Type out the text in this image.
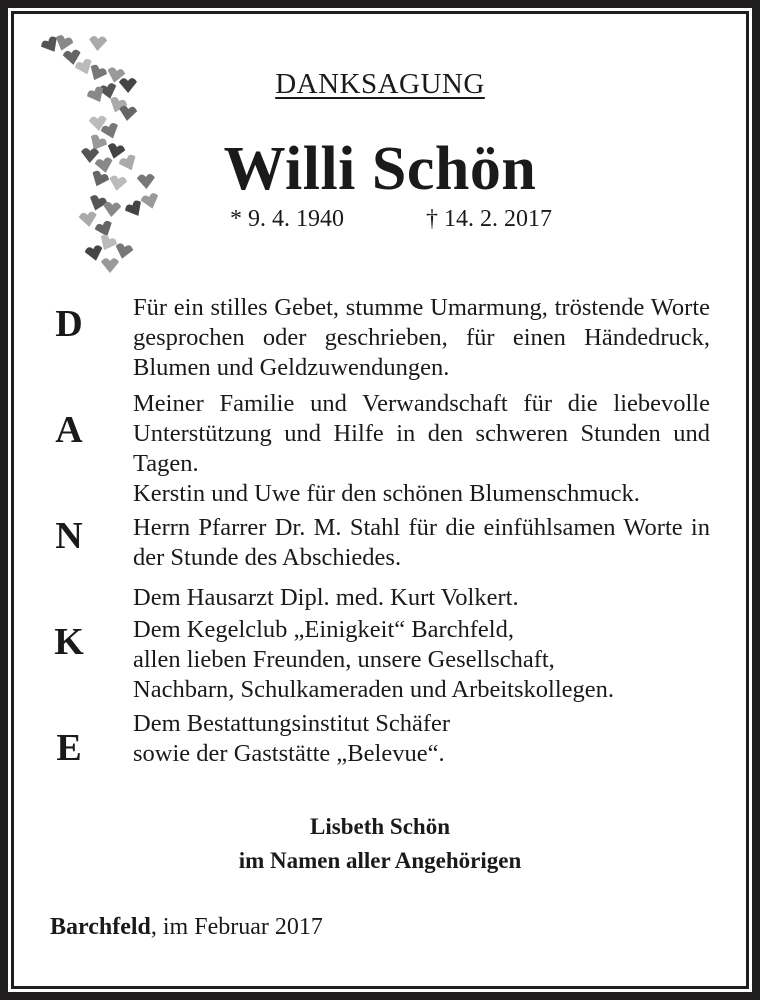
DANKSAGUNG
Willi Schön
* 9. 4. 1940	† 14. 2. 2017
D
A
N
K
E
Für ein stilles Gebet, stumme Umarmung, tröstende Worte gesprochen oder geschrieben, für einen Händedruck, Blumen und Geldzuwendungen.
Meiner Familie und Verwandschaft für die liebevolle Unterstützung und Hilfe in den schweren Stunden und Tagen.
Kerstin und Uwe für den schönen Blumenschmuck.
Herrn Pfarrer Dr. M. Stahl für die einfühlsamen Worte in der Stunde des Abschiedes.
Dem Hausarzt Dipl. med. Kurt Volkert.
Dem Kegelclub „Einigkeit“ Barchfeld,
allen lieben Freunden, unsere Gesellschaft,
Nachbarn, Schulkameraden und Arbeitskollegen.
Dem Bestattungsinstitut Schäfer
sowie der Gaststätte „Belevue“.
Lisbeth Schön
im Namen aller Angehörigen
Barchfeld, im Februar 2017
